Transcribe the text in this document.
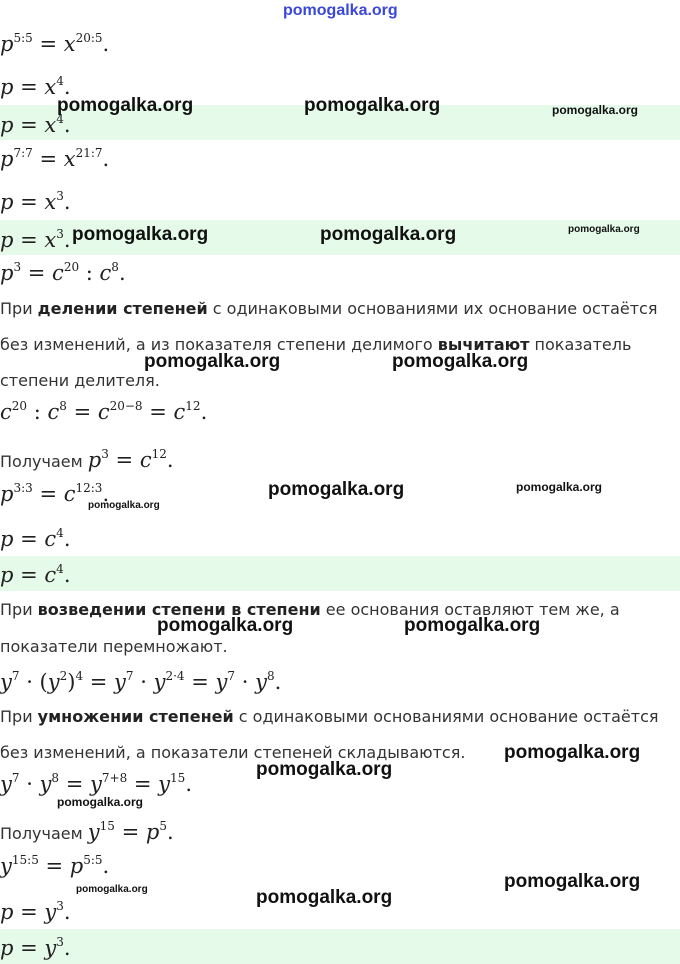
pomogalka.org
$p^{5:5} = x^{20:5}$.
$p = x^4$.
$p = x^4$.
$p^{7:7} = x^{21:7}$.
$p = x^3$.
$p = x^3$.
$p^3 = c^{20}$ : $c^8$.
При делении степеней с одинаковыми основаниями их основание остаётся
без изменений, а из показателя степени делимого вычитают показатель
степени делителя.
$c^{20}$ : $c^8 = c^{20-8} = c^{12}$.
Получаем $p^3 = c^{12}$.
$p^{3:3} = c^{12:3}$.
$p = c^4$.
$p = c^4$.
При возведении степени в степени ее основания оставляют тем же, а
показатели перемножают.
$y^7 \cdot (y^2)^4 = y^7 \cdot y^{2\cdot 4} = y^7 \cdot y^8$.
При умножении степеней с одинаковыми основаниями основание остаётся
без изменений, а показатели степеней складываются.
$y^7 \cdot y^8 = y^{7+8} = y^{15}$.
Получаем $y^{15} = p^5$.
$y^{15:5} = p^{5:5}$.
$p = y^3$.
$p = y^3$.
pomogalka.org	pomogalka.org	pomogalka.org
pomogalka.org	pomogalka.org	pomogalka.org
pomogalka.org	pomogalka.org
pomogalka.org	pomogalka.org
pomogalka.org
pomogalka.org	pomogalka.org
pomogalka.org
pomogalka.org
pomogalka.org
pomogalka.org
pomogalka.org	pomogalka.org
